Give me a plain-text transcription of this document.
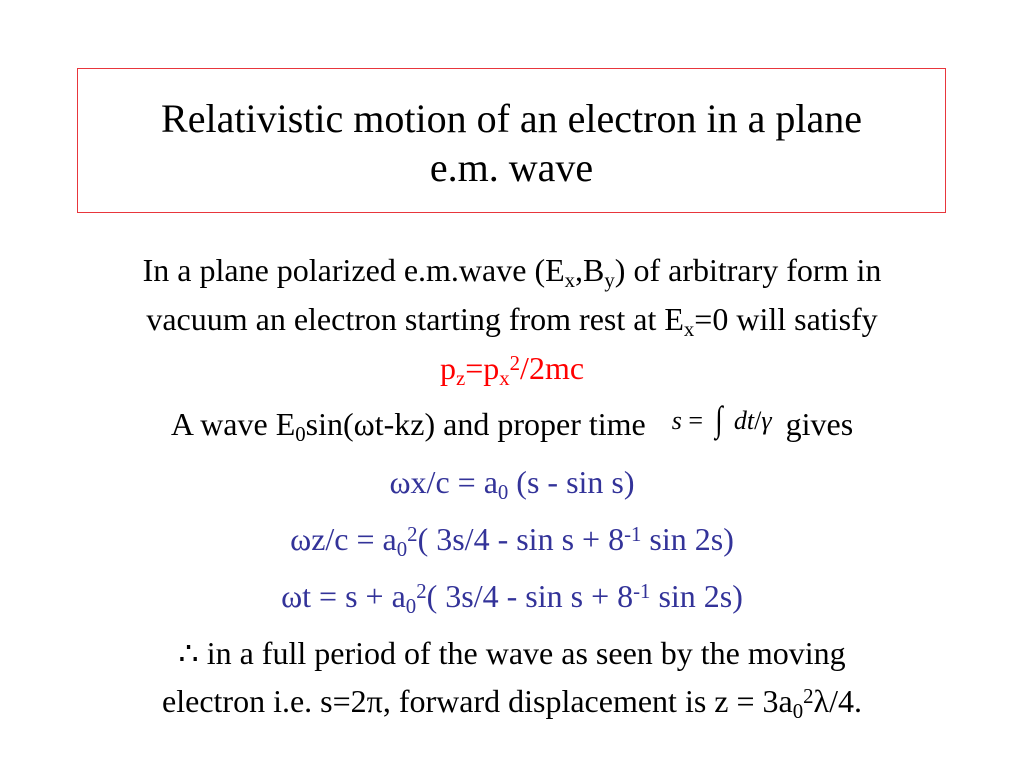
Relativistic motion of an electron in a plane
e.m. wave
In a plane polarized e.m.wave $(E_x,B_y)$ of arbitrary form in
vacuum an electron starting from rest at $E_x=0$ will satisfy
$p_z=p_x^2/2mc$
A wave $E_0\sin(\omega t-kz)$ and proper time s = ∫ dt/γ gives
$\omega x/c = a_0$ (s - sin s)
$\omega z/c = a_0^2$( $3s/4 - \sin s + 8^{-1}$ sin 2s)
$\omega t = s + a_0^2$( $3s/4 - \sin s + 8^{-1}$ sin 2s)
∴ in a full period of the wave as seen by the moving
electron i.e. s=2π, forward displacement is $z = 3a_0^2\lambda/4$.
